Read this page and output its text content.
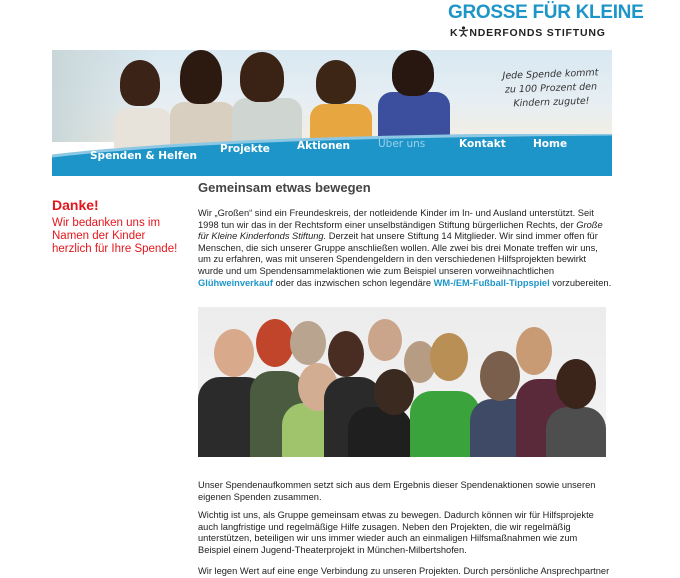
GROSSE FÜR KLEINE
K NDERFONDS STIFTUNG
Jede Spende kommt
zu 100 Prozent den
Kindern zugute!
Spenden & Helfen
Projekte	Aktionen	Über uns	Kontakt	Home
Danke!
Wir bedanken uns im Namen der Kinder herzlich für Ihre Spende!
Gemeinsam etwas bewegen
Wir „Großen“ sind ein Freundeskreis, der notleidende Kinder im In- und Ausland unterstützt. Seit 1998 tun wir das in der Rechtsform einer unselbständigen Stiftung bürgerlichen Rechts, der Große für Kleine Kinderfonds Stiftung. Derzeit hat unsere Stiftung 14 Mitglieder. Wir sind immer offen für Menschen, die sich unserer Gruppe anschließen wollen. Alle zwei bis drei Monate treffen wir uns, um zu erfahren, was mit unseren Spendengeldern in den verschiedenen Hilfsprojekten bewirkt wurde und um Spendensammelaktionen wie zum Beispiel unseren vorweihnachtlichen Glühweinverkauf oder das inzwischen schon legendäre WM-/EM-Fußball-Tippspiel vorzubereiten.
Unser Spendenaufkommen setzt sich aus dem Ergebnis dieser Spendenaktionen sowie unseren eigenen Spenden zusammen.
Wichtig ist uns, als Gruppe gemeinsam etwas zu bewegen. Dadurch können wir für Hilfsprojekte auch langfristige und regelmäßige Hilfe zusagen. Neben den Projekten, die wir regelmäßig unterstützen, beteiligen wir uns immer wieder auch an einmaligen Hilfsmaßnahmen wie zum Beispiel einem Jugend-Theaterprojekt in München-Milbertshofen.
Wir legen Wert auf eine enge Verbindung zu unseren Projekten. Durch persönliche Ansprechpartner
